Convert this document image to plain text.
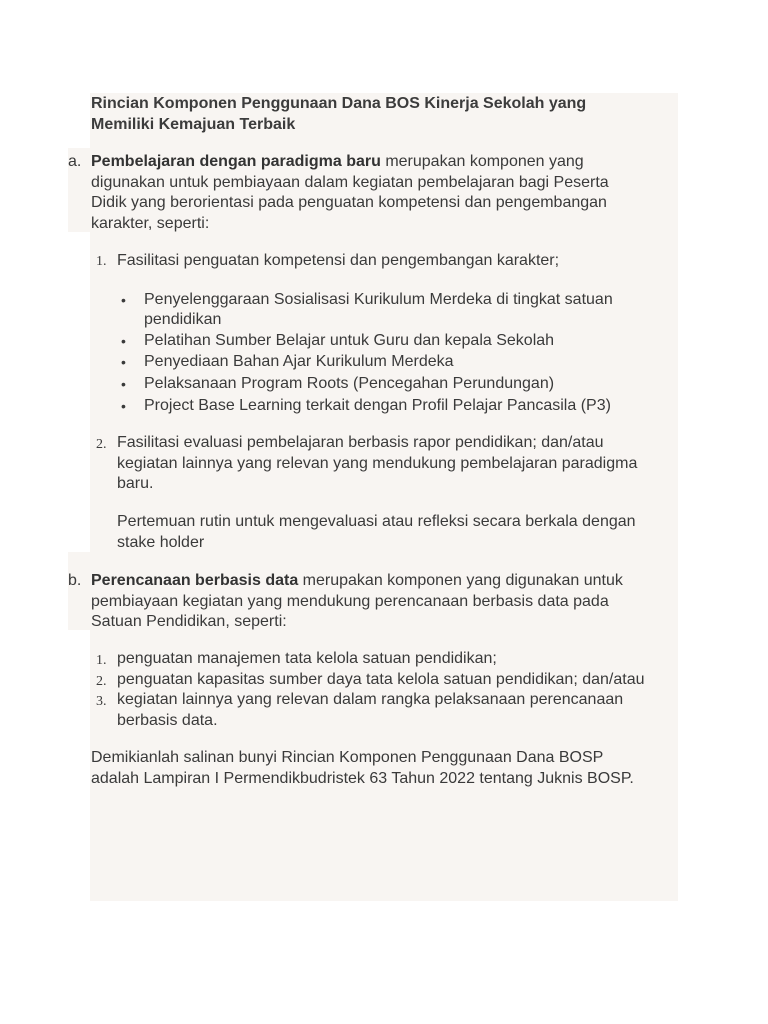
Rincian Komponen Penggunaan Dana BOS Kinerja Sekolah yang
Memiliki Kemajuan Terbaik
a. Pembelajaran dengan paradigma baru merupakan komponen yang
digunakan untuk pembiayaan dalam kegiatan pembelajaran bagi Peserta
Didik yang berorientasi pada penguatan kompetensi dan pengembangan
karakter, seperti:
1. Fasilitasi penguatan kompetensi dan pengembangan karakter;
• Penyelenggaraan Sosialisasi Kurikulum Merdeka di tingkat satuan
pendidikan
• Pelatihan Sumber Belajar untuk Guru dan kepala Sekolah
• Penyediaan Bahan Ajar Kurikulum Merdeka
• Pelaksanaan Program Roots (Pencegahan Perundungan)
• Project Base Learning terkait dengan Profil Pelajar Pancasila (P3)
2. Fasilitasi evaluasi pembelajaran berbasis rapor pendidikan; dan/atau
kegiatan lainnya yang relevan yang mendukung pembelajaran paradigma
baru.
Pertemuan rutin untuk mengevaluasi atau refleksi secara berkala dengan
stake holder
b. Perencanaan berbasis data merupakan komponen yang digunakan untuk
pembiayaan kegiatan yang mendukung perencanaan berbasis data pada
Satuan Pendidikan, seperti:
1. penguatan manajemen tata kelola satuan pendidikan;
2. penguatan kapasitas sumber daya tata kelola satuan pendidikan; dan/atau
3. kegiatan lainnya yang relevan dalam rangka pelaksanaan perencanaan
berbasis data.
Demikianlah salinan bunyi Rincian Komponen Penggunaan Dana BOSP
adalah Lampiran I Permendikbudristek 63 Tahun 2022 tentang Juknis BOSP.
